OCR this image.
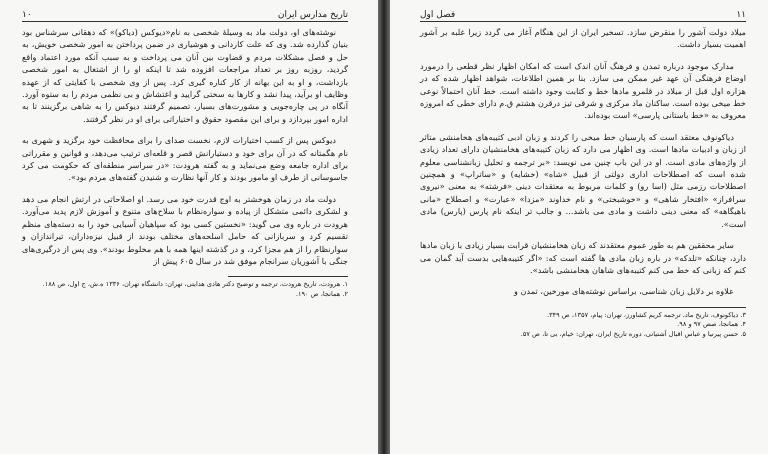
۱۰	تاریخ مدارس ایران

نوشته‌های او، دولت ماد به وسیلهٔ شخصی به نام«دیوکس (دیاکو)» که دهقانی سرشناس بود بنیان گذارده شد. وی که علت کاردانی و هوشیاری در ضمن پرداختن به امور شخصی خویش، به حل و فصل مشکلات مردم و قضاوت بین آنان می پرداخت و به سبب آنکه مورد اعتماد واقع گردید، روزبه روز بر تعداد مراجعات افزوده شد تا اینکه او را از اشتغال به امور شخصی بازداشت، و او به این بهانه از کار کناره گیری کرد. پس از وی شخصی با کفایتی که از عهده وظایف او برآید، پیدا نشد و کارها به سختی گرایید و اغتشاش و بی نظمی مردم را به ستوه آورد. آنگاه در پی چاره‌جویی و مشورت‌های بسیار، تصمیم گرفتند دیوکس را به شاهی برگزینند تا به اداره امور بپردازد و برای این مقصود حقوق و اختیاراتی برای او در نظر گرفتند.

دیوکس پس از کسب اختیارات لازم، نخست صدای را برای محافظت خود برگزید و شهری به نام هگمتانه که در آن برای خود و دستیارانش قصر و قلعه‌ای ترتیب می‌دهد، و قوانین و مقرراتی برای اداره جامعه وضع می‌نماید و به گفته هرودت: «در سراسر منطقه‌ای که حکومت می کرد جاسوسانی از طرف او مامور بودند و کار آنها نظارت و شنیدن گفته‌های مردم بود».

دولت ماد در زمان هوخشتر به اوج قدرت خود می رسد. او اصلاحاتی در ارتش انجام می دهد و لشکری دائمی متشکل از پیاده و سواره‌نظام با سلاح‌های متنوع و آموزش لازم پدید می‌آورد. هرودت در باره وی می گوید: «نخستین کسی بود که سپاهیان آسیایی خود را به دسته‌های منظم تقسیم کرد و سربازانی که حامل اسلحه‌های مختلف بودند از قبیل نیزه‌داران، تیراندازان و سوارنظام را از هم مجزا کرد، و در گذشته اینها همه با هم مخلوط بودند». وی پس از درگیری‌های جنگی با آشوریان سرانجام موفق شد در سال ۶۰۵ پیش از

۱. هرودت، تاریخ هرودت، ترجمه و توضیح دکتر هادی هدایتی، تهران: دانشگاه تهران، ۱۳۳۶ ه.ش، ج اول، ص ۱۸۸.
۲. همانجا، ص ۱۹۰.
فصل اول	۱۱

میلاد دولت آشور را منقرض سازد. تسخیر ایران از این هنگام آغاز می گردد زیرا غلبه بر آشور اهمیت بسیار داشت.

مدارک موجود درباره تمدن و فرهنگ آنان اندک است که امکان اظهار نظر قطعی را درمورد اوضاع فرهنگی آن عهد غیر ممکن می سازد. بنا بر همین اطلاعات، شواهد اظهار شده که در هزاره اول قبل از میلاد در قلمرو مادها خط و کتابت وجود داشته است. خط آنان احتمالاً نوعی خط میخی بوده است. ساکنان ماد مرکزی و شرقی تیز درقرن هشتم ق.م دارای خطی که امروزه معروف به «خط باستانی پارسی» است بوده‌اند.

دیاکونوف معتقد است که پارسیان خط میخی را کردند و زبان ادبی کتیبه‌های هخامنشی متاثر از زبان و ادبیات مادها است. وی اظهار می دارد که زبان کتیبه‌های هخامنشیان دارای تعداد زیادی از واژه‌های مادی است. او در این باب چنین می نویسد: «بر ترجمه و تحلیل زبانشناسی معلوم شده است که اصطلاحات اداری دولتی از قبیل «شاه» (خشایه) و «ساتراپ» و همچنین اصطلاحات رزمی مثل (اسا رو) و کلمات مربوط به معتقدات دینی «فرشته» به معنی «نیروی سرافراز» «افتخار شاهی» و «خوشبختی» و نام خداوند «مزدا» «عبارت» و اصطلاح «مانی باهیگاهه» که معنی دینی داشت و مادی می باشد... و جالب تر اینکه نام پارس (پارس) مادی است».

سایر محققین هم به طور عموم معتقدند که زبان هخامنشیان قرابت بسیار زیادی با زبان مادها دارد، چنانکه «تلدکه» در باره زبان مادی ها گفته است که: «اگر کتیبه‌هایی بدست آید گمان می کنم که زبانی که خط می کنم کتیبه‌های شاهان هخامنشی باشد».

علاوه بر دلایل زبان شناسی، براساس نوشته‌های مورخین، تمدن و

۳. دیاکونوف، تاریخ ماد، ترجمه کریم کشاورز، تهران: پیام، ۱۳۵۷، ص ۳۴۹.
۴. همانجا، صص ۹۷ و ۹۸.
۵. حسن پیرنیا و عباس اقبال آشتیانی، دوره تاریخ ایران، تهران: خیام، بی تا، ص ۵۷.
